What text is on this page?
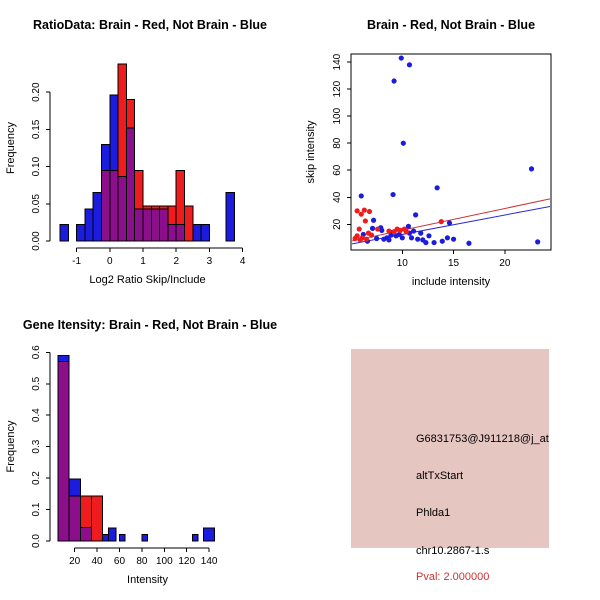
RatioData: Brain - Red, Not Brain - Blue
-1	0	1	2	3	4
0.00
0.05
0.10
0.15
0.20
Log2 Ratio Skip/Include
Frequency
Brain - Red, Not Brain - Blue
10	15	20
20
40
60
80
100
120
140
include intensity
skip intensity
Gene Itensity: Brain - Red, Not Brain - Blue
20 40 60 80 100 120 140
0.0
0.1
0.2
0.3
0.4
0.5
0.6
Intensity
Frequency	G6831753@J911218@j_at
altTxStart
Phlda1
chr10.2867-1.s
Pval: 2.000000
